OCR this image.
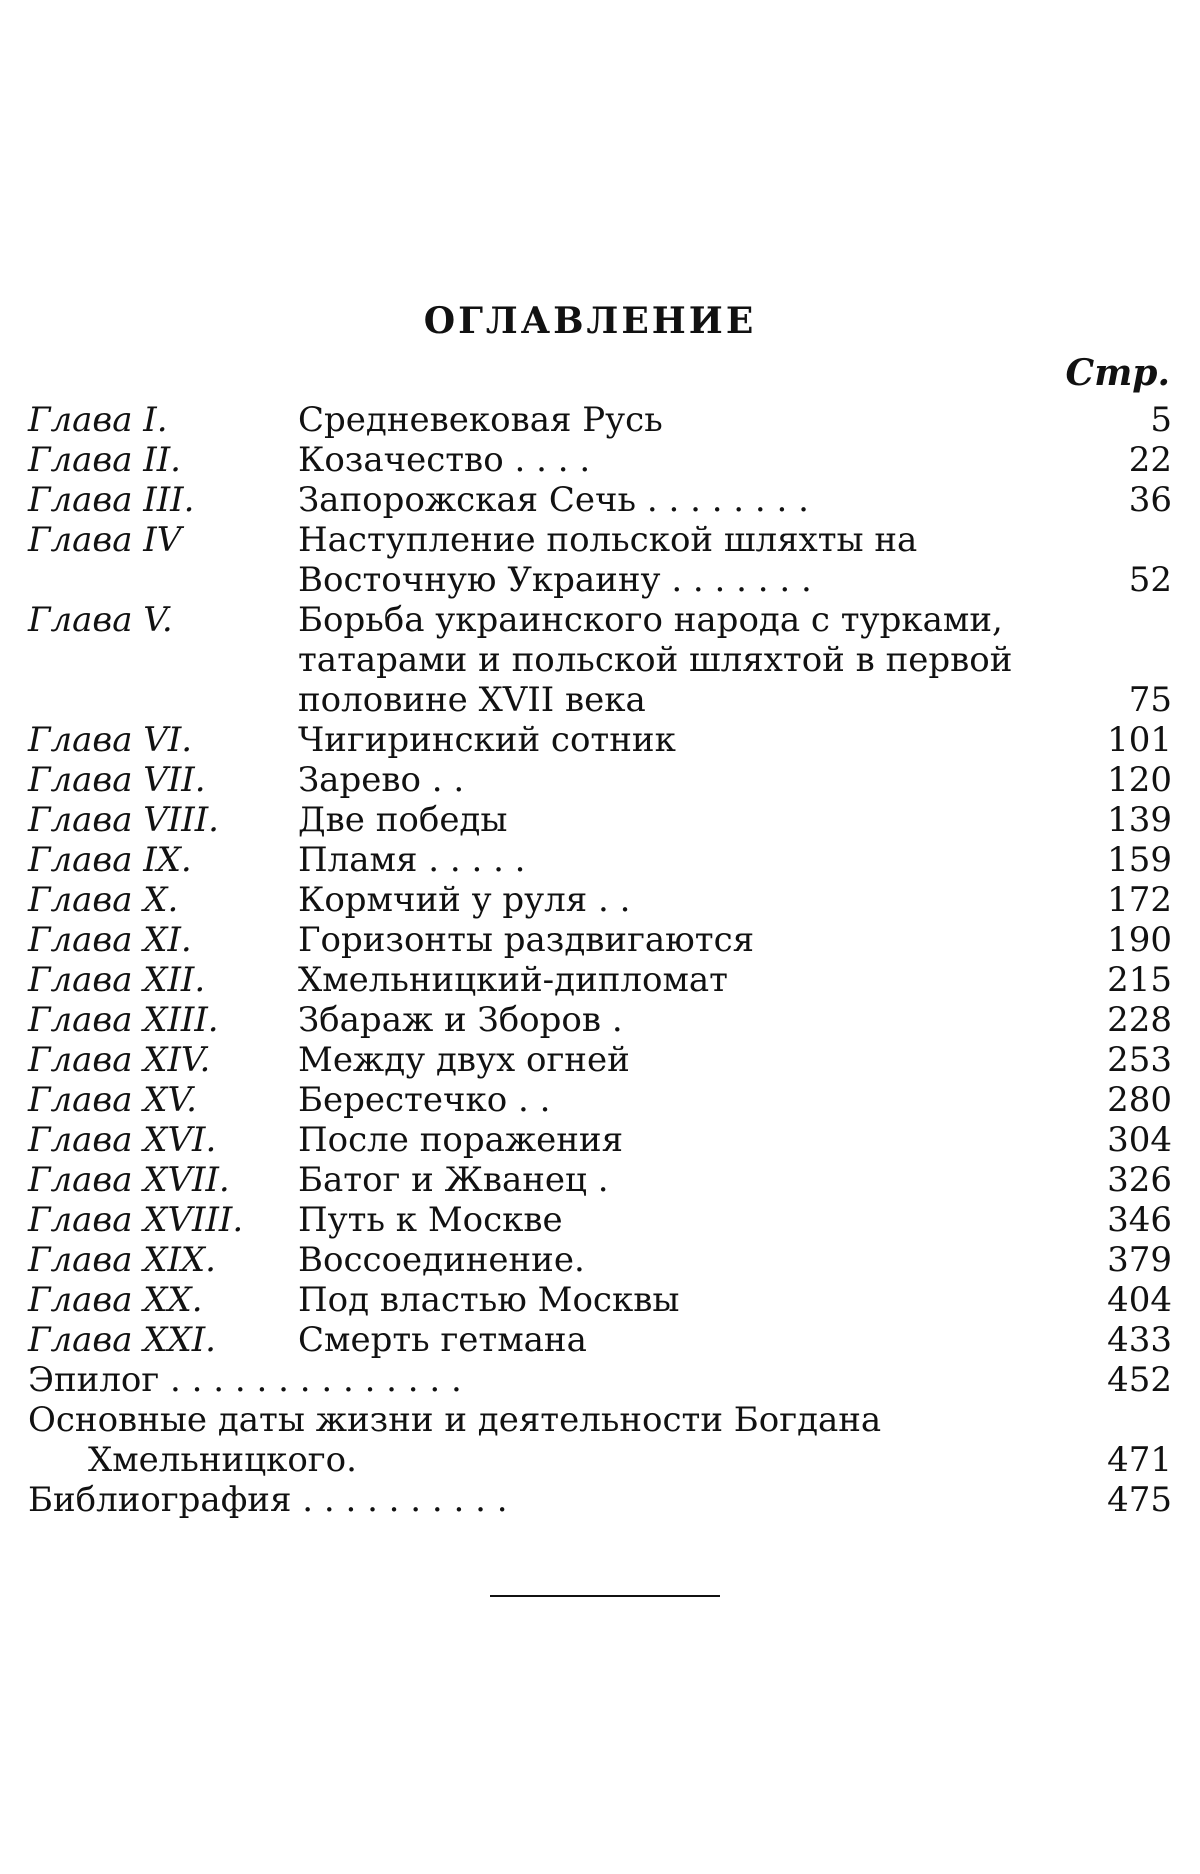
ОГЛАВЛЕНИЕ
Стр.
Глава I.	Средневековая Русь	5
Глава II.	Козачество . . . .	22
Глава III.	Запорожская Сечь . . . . . . . .	36
Глава IV	Наступление польской шляхты на Восточную Украину . . . . . . .	52
Глава V.	Борьба украинского народа с турками, татарами и польской шляхтой в первой половине XVII века	75
Глава VI.	Чигиринский сотник	101
Глава VII.	Зарево . .	120
Глава VIII.	Две победы	139
Глава IX.	Пламя . . . . .	159
Глава X.	Кормчий у руля . .	172
Глава XI.	Горизонты раздвигаются	190
Глава XII.	Хмельницкий-дипломат	215
Глава XIII.	Збараж и Зборов .	228
Глава XIV.	Между двух огней	253
Глава XV.	Берестечко . .	280
Глава XVI.	После поражения	304
Глава XVII.	Батог и Жванец .	326
Глава XVIII.	Путь к Москве	346
Глава XIX.	Воссоединение.	379
Глава XX.	Под властью Москвы	404
Глава XXI.	Смерть гетмана	433
Эпилог . . . . . . . . . . . . . .	452
Основные даты жизни и деятельности Богдана
Хмельницкого.	471
Библиография . . . . . . . . . .	475
